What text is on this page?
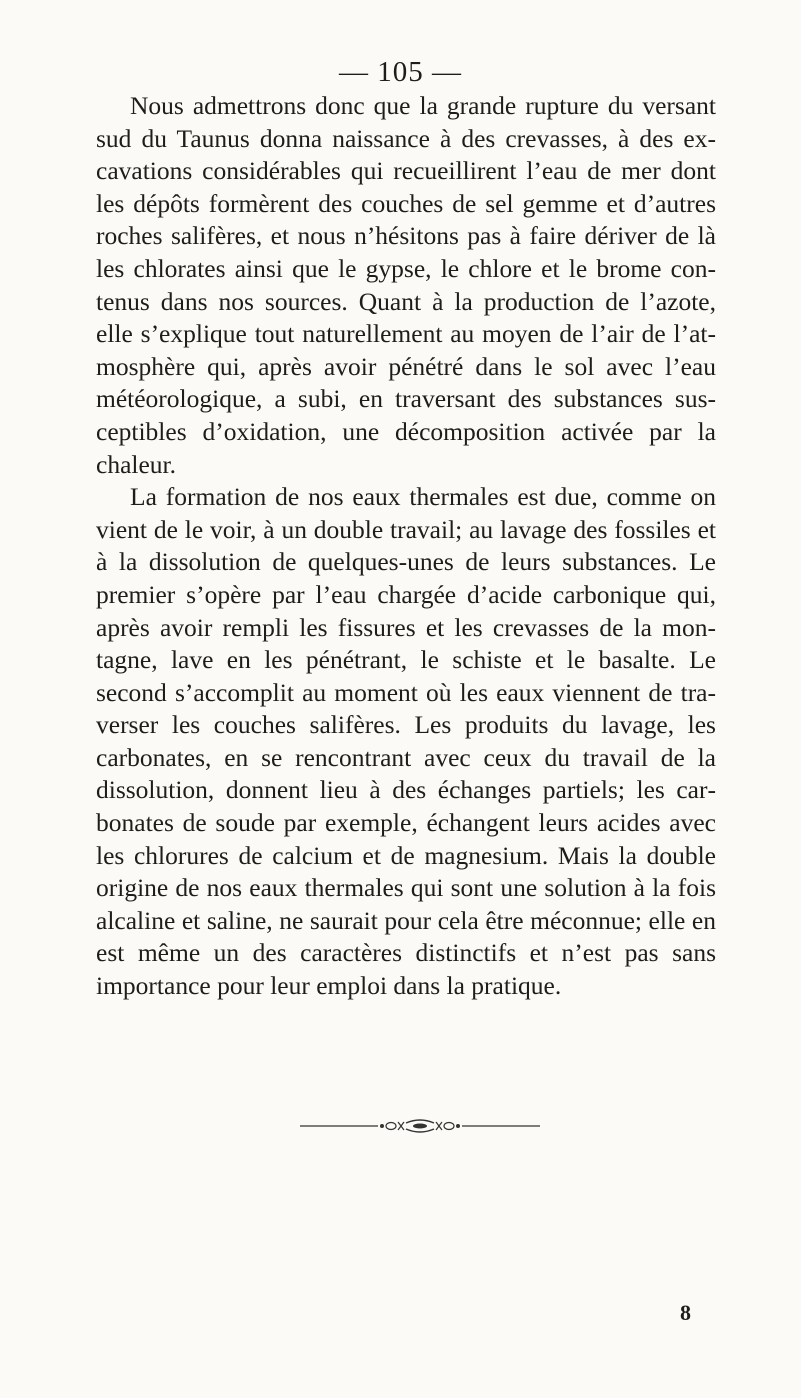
— 105 —

Nous admettrons donc que la grande rupture du versant sud du Taunus donna naissance à des crevasses, à des excavations considérables qui recueillirent l’eau de mer dont les dépôts formèrent des couches de sel gemme et d’autres roches salifères, et nous n’hésitons pas à faire dériver de là les chlorates ainsi que le gypse, le chlore et le brome contenus dans nos sources. Quant à la production de l’azote, elle s’explique tout naturellement au moyen de l’air de l’atmosphère qui, après avoir pénétré dans le sol avec l’eau météorologique, a subi, en traversant des substances susceptibles d’oxidation, une décomposition activée par la chaleur.

La formation de nos eaux thermales est due, comme on vient de le voir, à un double travail; au lavage des fossiles et à la dissolution de quelques-unes de leurs substances. Le premier s’opère par l’eau chargée d’acide carbonique qui, après avoir rempli les fissures et les crevasses de la montagne, lave en les pénétrant, le schiste et le basalte. Le second s’accomplit au moment où les eaux viennent de traverser les couches salifères. Les produits du lavage, les carbonates, en se rencontrant avec ceux du travail de la dissolution, donnent lieu à des échanges partiels; les carbonates de soude par exemple, échangent leurs acides avec les chlorures de calcium et de magnesium. Mais la double origine de nos eaux thermales qui sont une solution à la fois alcaline et saline, ne saurait pour cela être méconnue; elle en est même un des caractères distinctifs et n’est pas sans importance pour leur emploi dans la pratique.

8
